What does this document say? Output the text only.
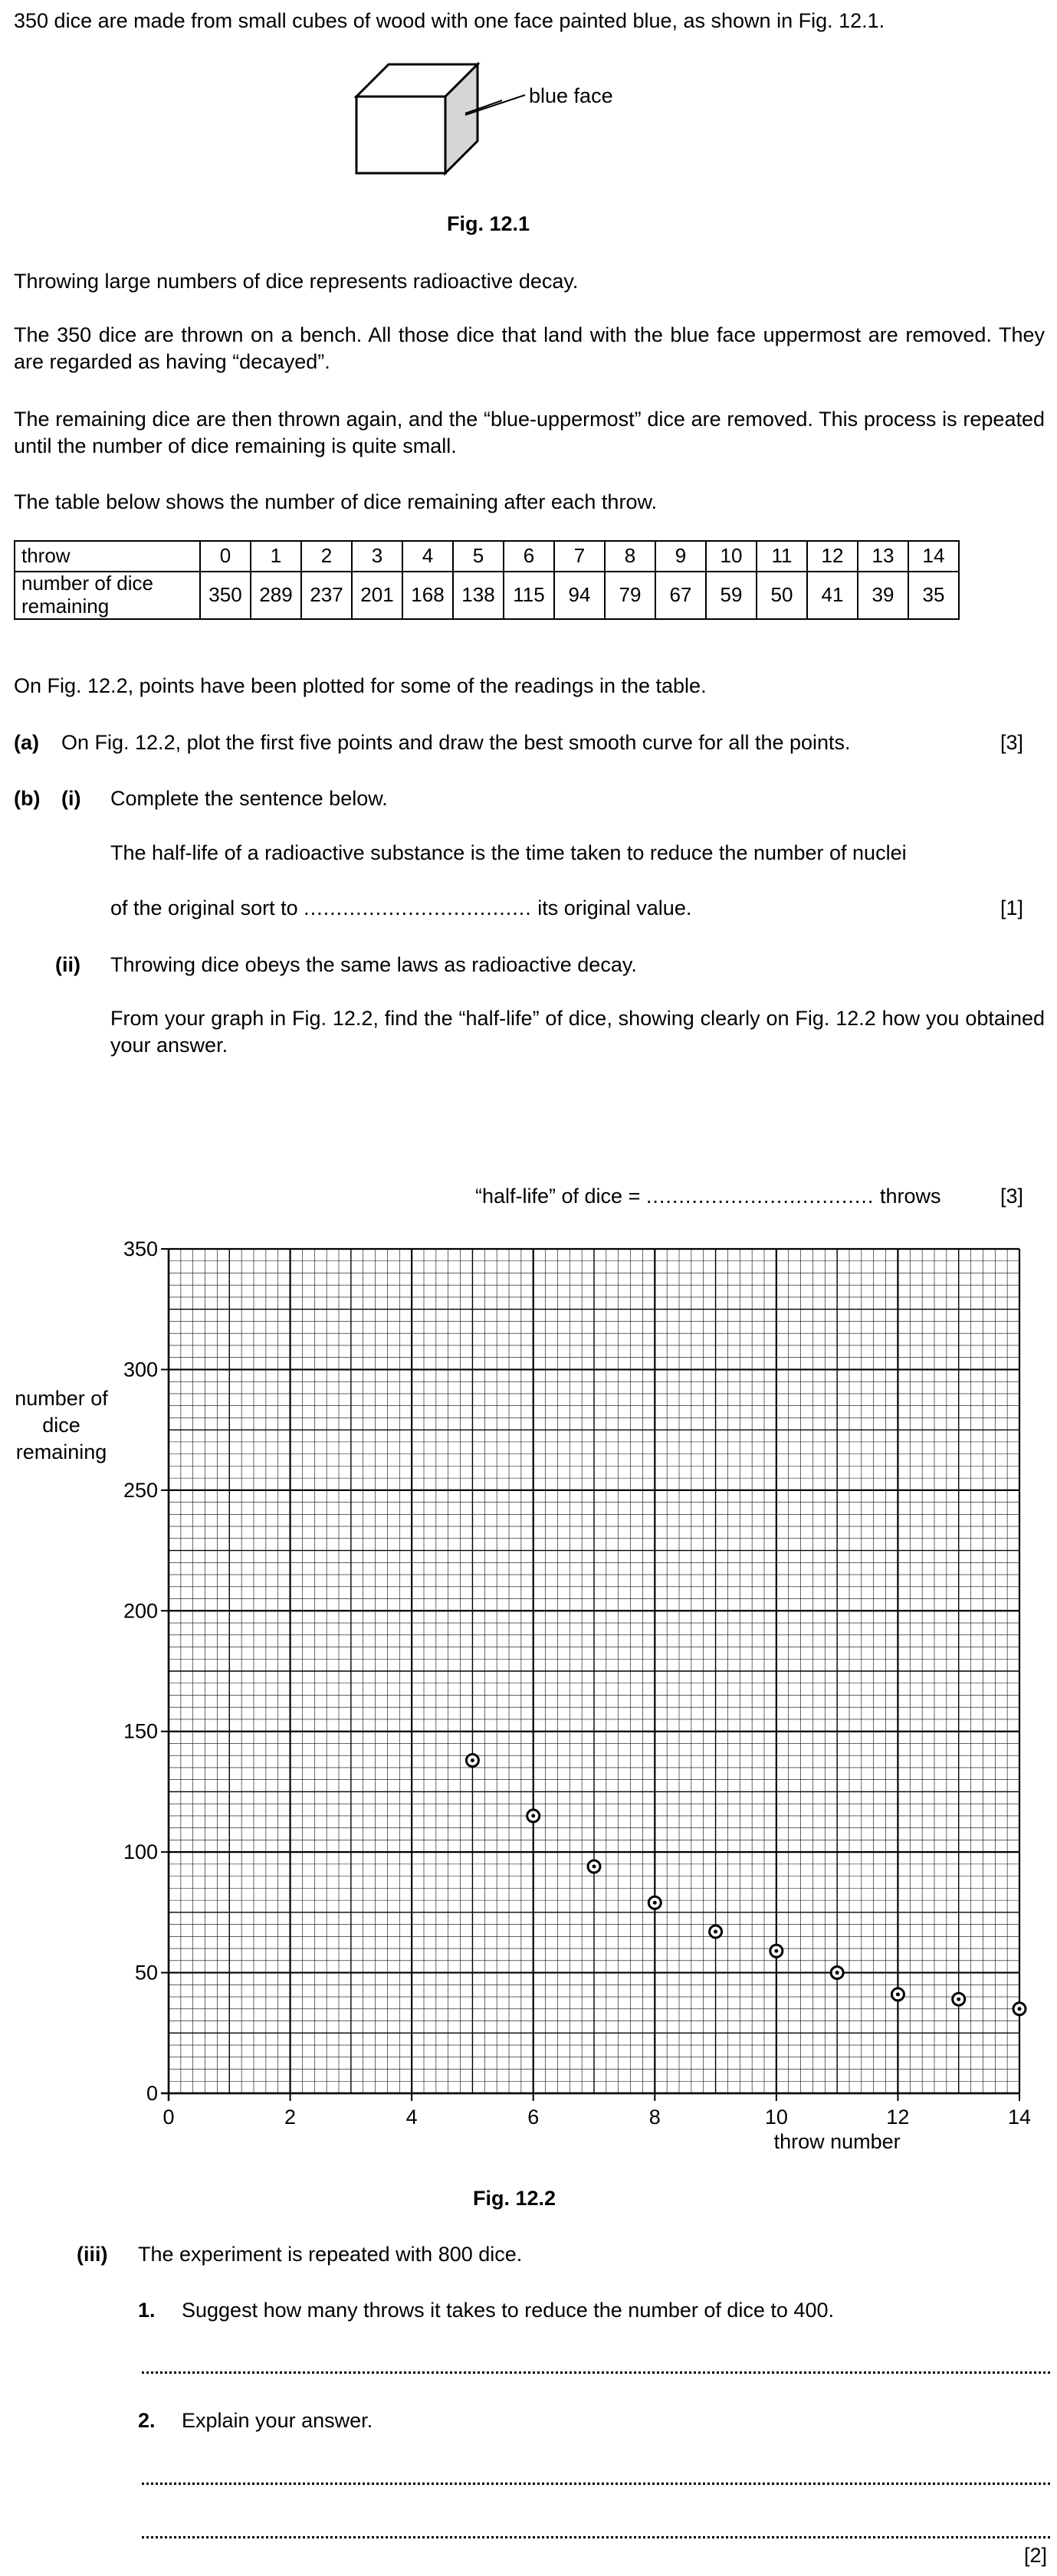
350 dice are made from small cubes of wood with one face painted blue, as shown in Fig. 12.1.
blue face
Fig. 12.1
Throwing large numbers of dice represents radioactive decay.
The 350 dice are thrown on a bench. All those dice that land with the blue face uppermost are removed. They are regarded as having “decayed”.
The remaining dice are then thrown again, and the “blue-uppermost” dice are removed. This process is repeated until the number of dice remaining is quite small.
The table below shows the number of dice remaining after each throw.
throw	0	1	2	3	4	5	6	7	8	9	10	11	12	13	14
number of dice remaining	350	289	237	201	168	138	115	94	79	67	59	50	41	39	35
On Fig. 12.2, points have been plotted for some of the readings in the table.
(a) On Fig. 12.2, plot the first five points and draw the best smooth curve for all the points.	[3]
(b) (i) Complete the sentence below.
The half-life of a radioactive substance is the time taken to reduce the number of nuclei
of the original sort to ................................... its original value.	[1]
(ii) Throwing dice obeys the same laws as radioactive decay.
From your graph in Fig. 12.2, find the “half-life” of dice, showing clearly on Fig. 12.2 how you obtained your answer.
“half-life” of dice = ................................... throws	[3]
number of dice remaining
0	2	4	6	8	10	12	14
0
50
100
150
200
250
300
350
throw number
Fig. 12.2
(iii) The experiment is repeated with 800 dice.
1. Suggest how many throws it takes to reduce the number of dice to 400.
2. Explain your answer.
[2]
